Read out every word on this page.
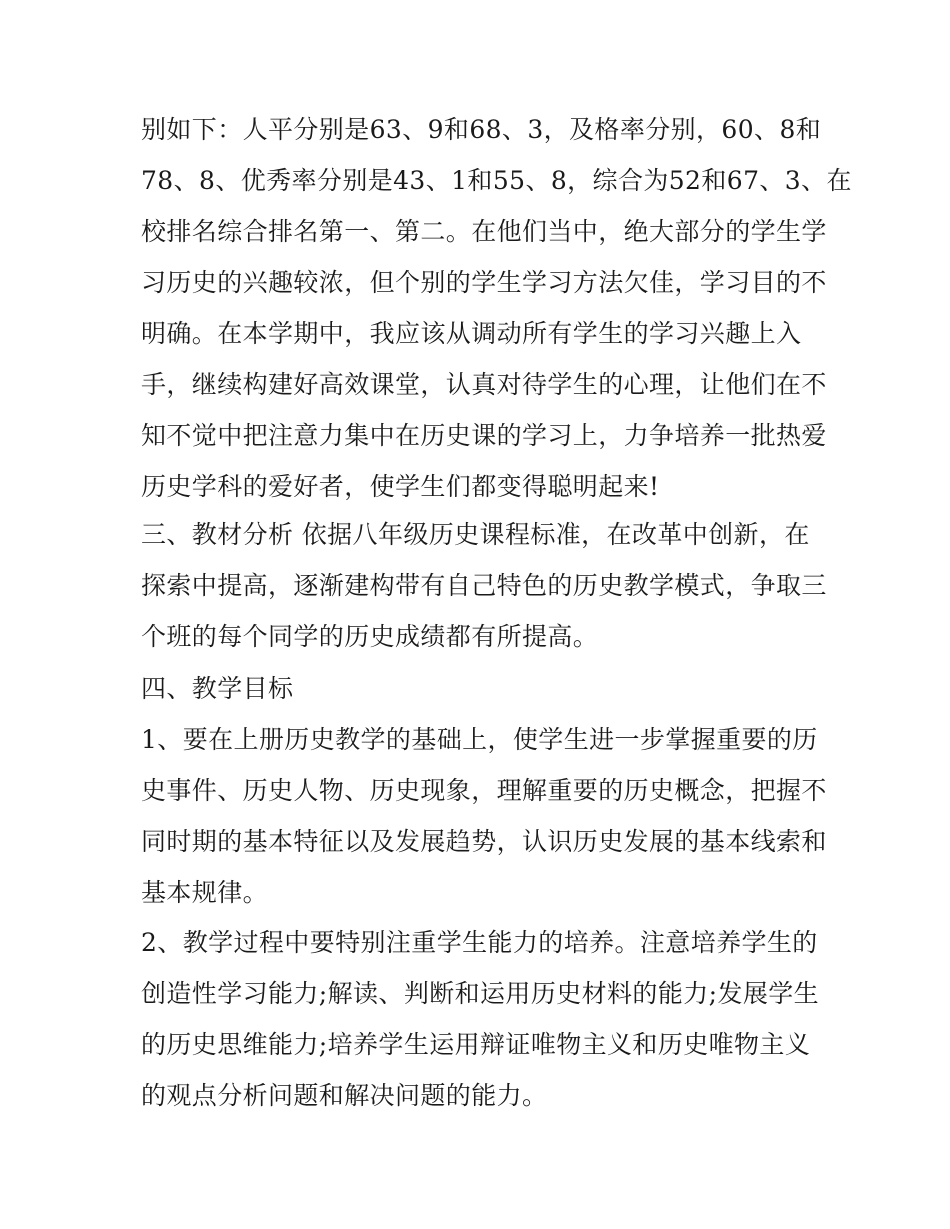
别如下：人平分别是63、9和68、3，及格率分别，60、8和
78、8、优秀率分别是43、1和55、8，综合为52和67、3、在
校排名综合排名第一、第二。在他们当中，绝大部分的学生学
习历史的兴趣较浓，但个别的学生学习方法欠佳，学习目的不
明确。在本学期中，我应该从调动所有学生的学习兴趣上入
手，继续构建好高效课堂，认真对待学生的心理，让他们在不
知不觉中把注意力集中在历史课的学习上，力争培养一批热爱
历史学科的爱好者，使学生们都变得聪明起来!
三、教材分析 依据八年级历史课程标准，在改革中创新，在
探索中提高，逐渐建构带有自己特色的历史教学模式，争取三
个班的每个同学的历史成绩都有所提高。
四、教学目标
1、要在上册历史教学的基础上，使学生进一步掌握重要的历
史事件、历史人物、历史现象，理解重要的历史概念，把握不
同时期的基本特征以及发展趋势，认识历史发展的基本线索和
基本规律。
2、教学过程中要特别注重学生能力的培养。注意培养学生的
创造性学习能力;解读、判断和运用历史材料的能力;发展学生
的历史思维能力;培养学生运用辩证唯物主义和历史唯物主义
的观点分析问题和解决问题的能力。
